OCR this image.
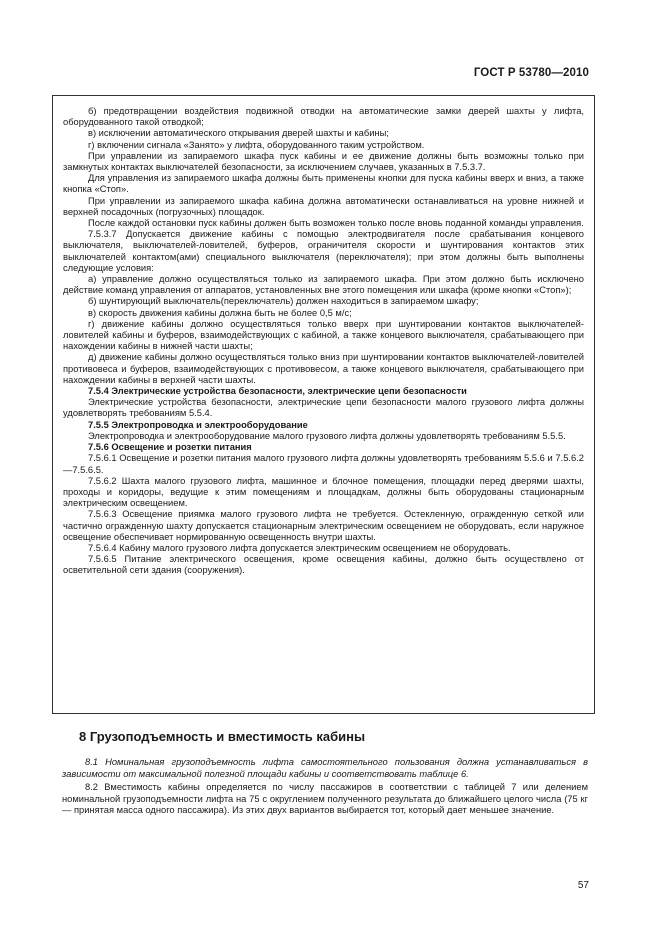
ГОСТ Р 53780—2010

б) предотвращении воздействия подвижной отводки на автоматические замки дверей шахты у лифта, оборудованного такой отводкой;

в) исключении автоматического открывания дверей шахты и кабины;

г) включении сигнала «Занято» у лифта, оборудованного таким устройством.

При управлении из запираемого шкафа пуск кабины и ее движение должны быть возможны только при замкнутых контактах выключателей безопасности, за исключением случаев, указанных в 7.5.3.7.

Для управления из запираемого шкафа должны быть применены кнопки для пуска кабины вверх и вниз, а также кнопка «Стоп».

При управлении из запираемого шкафа кабина должна автоматически останавливаться на уровне нижней и верхней посадочных (погрузочных) площадок.

После каждой остановки пуск кабины должен быть возможен только после вновь поданной команды управления.

7.5.3.7 Допускается движение кабины с помощью электродвигателя после срабатывания концевого выключателя, выключателей-ловителей, буферов, ограничителя скорости и шунтирования контактов этих выключателей контактом(ами) специального выключателя (переключателя); при этом должны быть выполнены следующие условия:

а) управление должно осуществляться только из запираемого шкафа. При этом должно быть исключено действие команд управления от аппаратов, установленных вне этого помещения или шкафа (кроме кнопки «Стоп»);

б) шунтирующий выключатель(переключатель) должен находиться в запираемом шкафу;

в) скорость движения кабины должна быть не более 0,5 м/с;

г) движение кабины должно осуществляться только вверх при шунтировании контактов выключателей-ловителей кабины и буферов, взаимодействующих с кабиной, а также концевого выключателя, срабатывающего при нахождении кабины в нижней части шахты;

д) движение кабины должно осуществляться только вниз при шунтировании контактов выключателей-ловителей противовеса и буферов, взаимодействующих с противовесом, а также концевого выключателя, срабатывающего при нахождении кабины в верхней части шахты.

7.5.4 Электрические устройства безопасности, электрические цепи безопасности

Электрические устройства безопасности, электрические цепи безопасности малого грузового лифта должны удовлетворять требованиям 5.5.4.

7.5.5 Электропроводка и электрооборудование

Электропроводка и электрооборудование малого грузового лифта должны удовлетворять требованиям 5.5.5.

7.5.6 Освещение и розетки питания

7.5.6.1 Освещение и розетки питания малого грузового лифта должны удовлетворять требованиям 5.5.6 и 7.5.6.2—7.5.6.5.

7.5.6.2 Шахта малого грузового лифта, машинное и блочное помещения, площадки перед дверями шахты, проходы и коридоры, ведущие к этим помещениям и площадкам, должны быть оборудованы стационарным электрическим освещением.

7.5.6.3 Освещение приямка малого грузового лифта не требуется. Остекленную, огражденную сеткой или частично огражденную шахту допускается стационарным электрическим освещением не оборудовать, если наружное освещение обеспечивает нормированную освещенность внутри шахты.

7.5.6.4 Кабину малого грузового лифта допускается электрическим освещением не оборудовать.

7.5.6.5 Питание электрического освещения, кроме освещения кабины, должно быть осуществлено от осветительной сети здания (сооружения).

8 Грузоподъемность и вместимость кабины

8.1 Номинальная грузоподъемность лифта самостоятельного пользования должна устанавливаться в зависимости от максимальной полезной площади кабины и соответствовать таблице 6.

8.2 Вместимость кабины определяется по числу пассажиров в соответствии с таблицей 7 или делением номинальной грузоподъемности лифта на 75 с округлением полученного результата до ближайшего целого числа (75 кг — принятая масса одного пассажира). Из этих двух вариантов выбирается тот, который дает меньшее значение.

57
